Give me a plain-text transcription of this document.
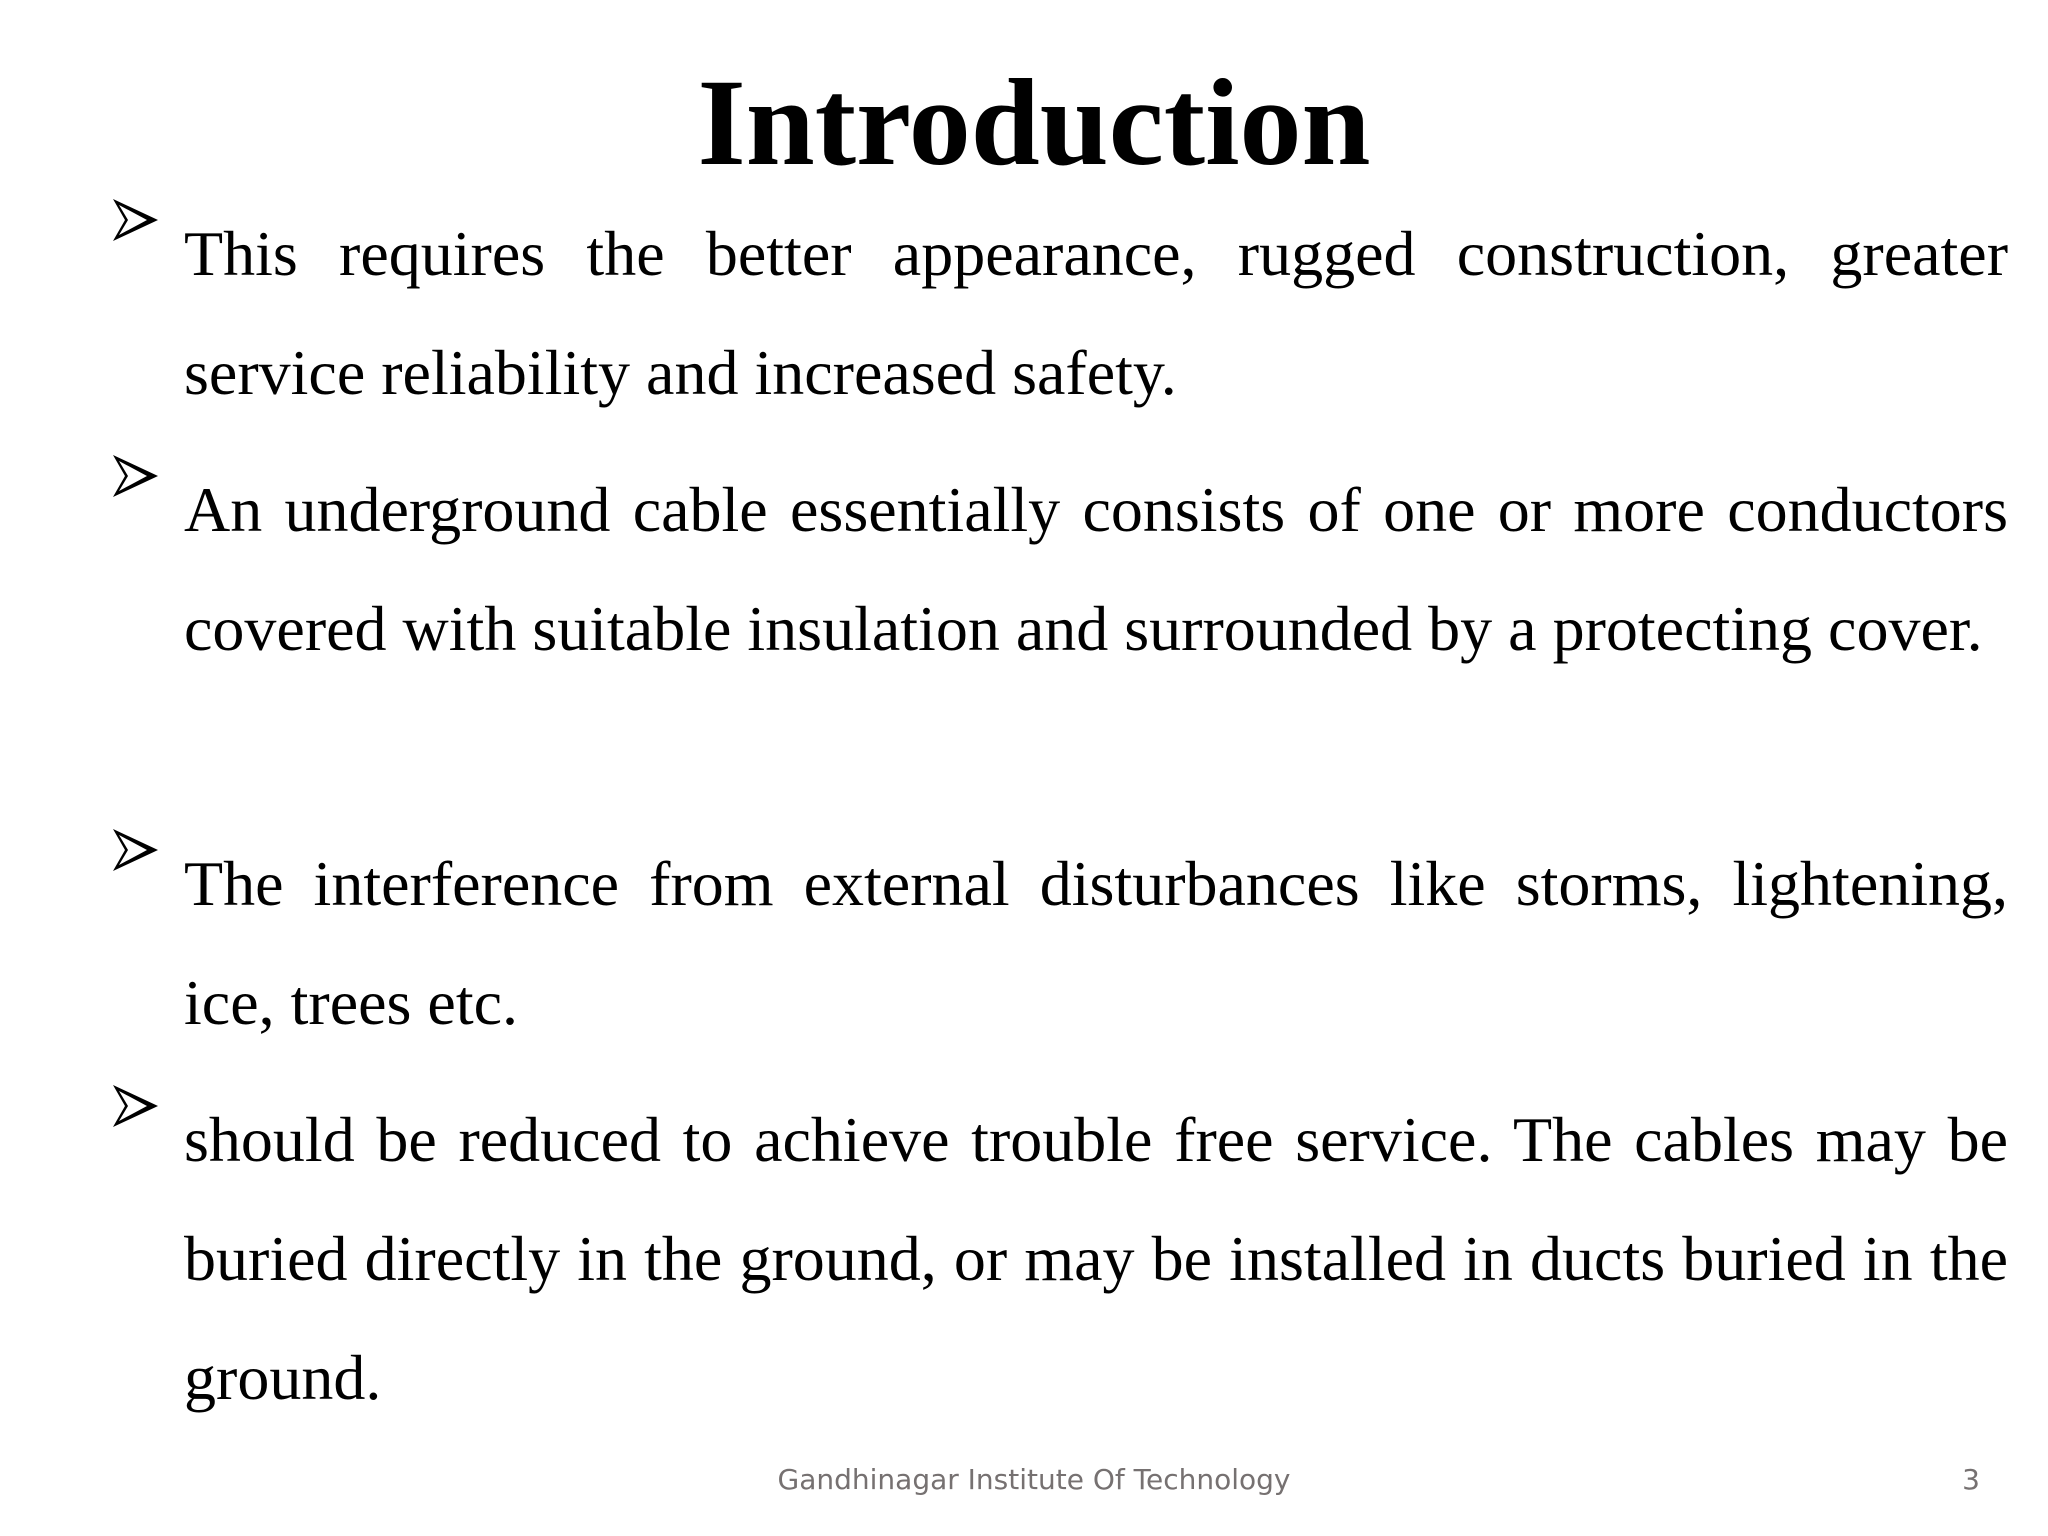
Introduction

This requires the better appearance, rugged construction, greater service reliability and increased safety.

An underground cable essentially consists of one or more conductors covered with suitable insulation and surrounded by a protecting cover.

The interference from external disturbances like storms, lightening, ice, trees etc.

should be reduced to achieve trouble free service. The cables may be buried directly in the ground, or may be installed in ducts buried in the ground.

Gandhinagar Institute Of Technology	3
